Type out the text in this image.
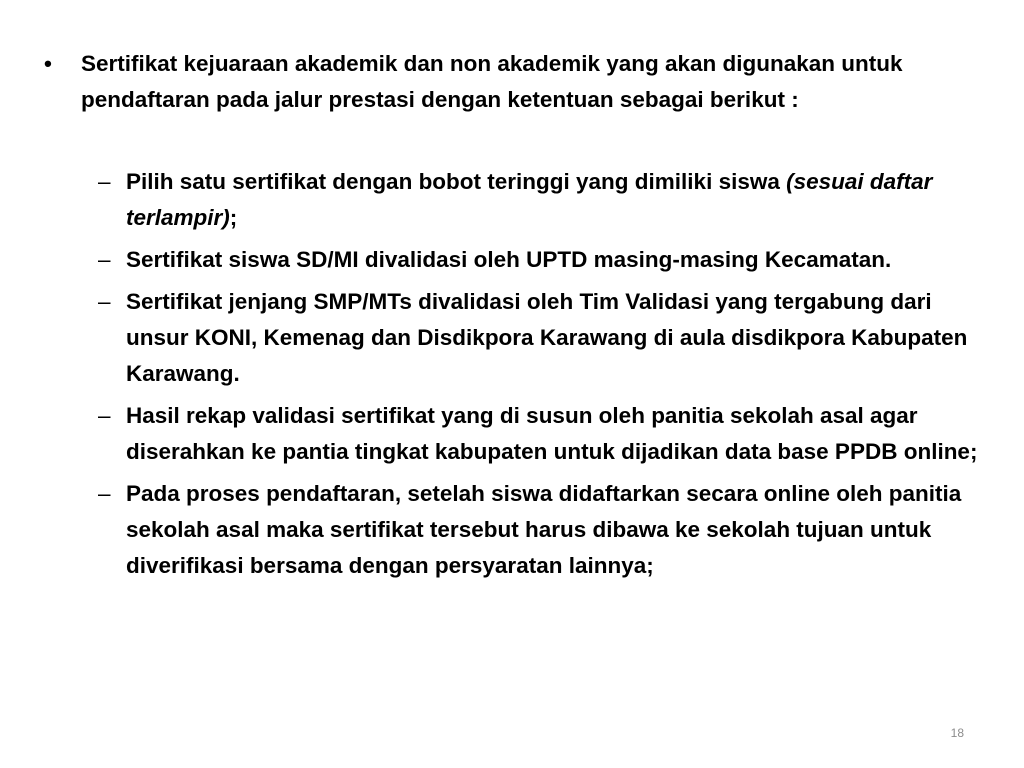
• Sertifikat kejuaraan akademik dan non akademik yang akan digunakan untuk pendaftaran pada jalur prestasi dengan ketentuan sebagai berikut :
– Pilih satu sertifikat dengan bobot teringgi yang dimiliki siswa (sesuai daftar terlampir);
– Sertifikat siswa SD/MI divalidasi oleh UPTD masing-masing Kecamatan.
– Sertifikat jenjang SMP/MTs divalidasi oleh Tim Validasi yang tergabung dari unsur KONI, Kemenag dan Disdikpora Karawang di aula disdikpora Kabupaten Karawang.
– Hasil rekap validasi sertifikat yang di susun oleh panitia sekolah asal agar diserahkan ke pantia tingkat kabupaten untuk dijadikan data base PPDB online;
– Pada proses pendaftaran, setelah siswa didaftarkan secara online oleh panitia sekolah asal maka sertifikat tersebut harus dibawa ke sekolah tujuan untuk diverifikasi bersama dengan persyaratan lainnya;
18
